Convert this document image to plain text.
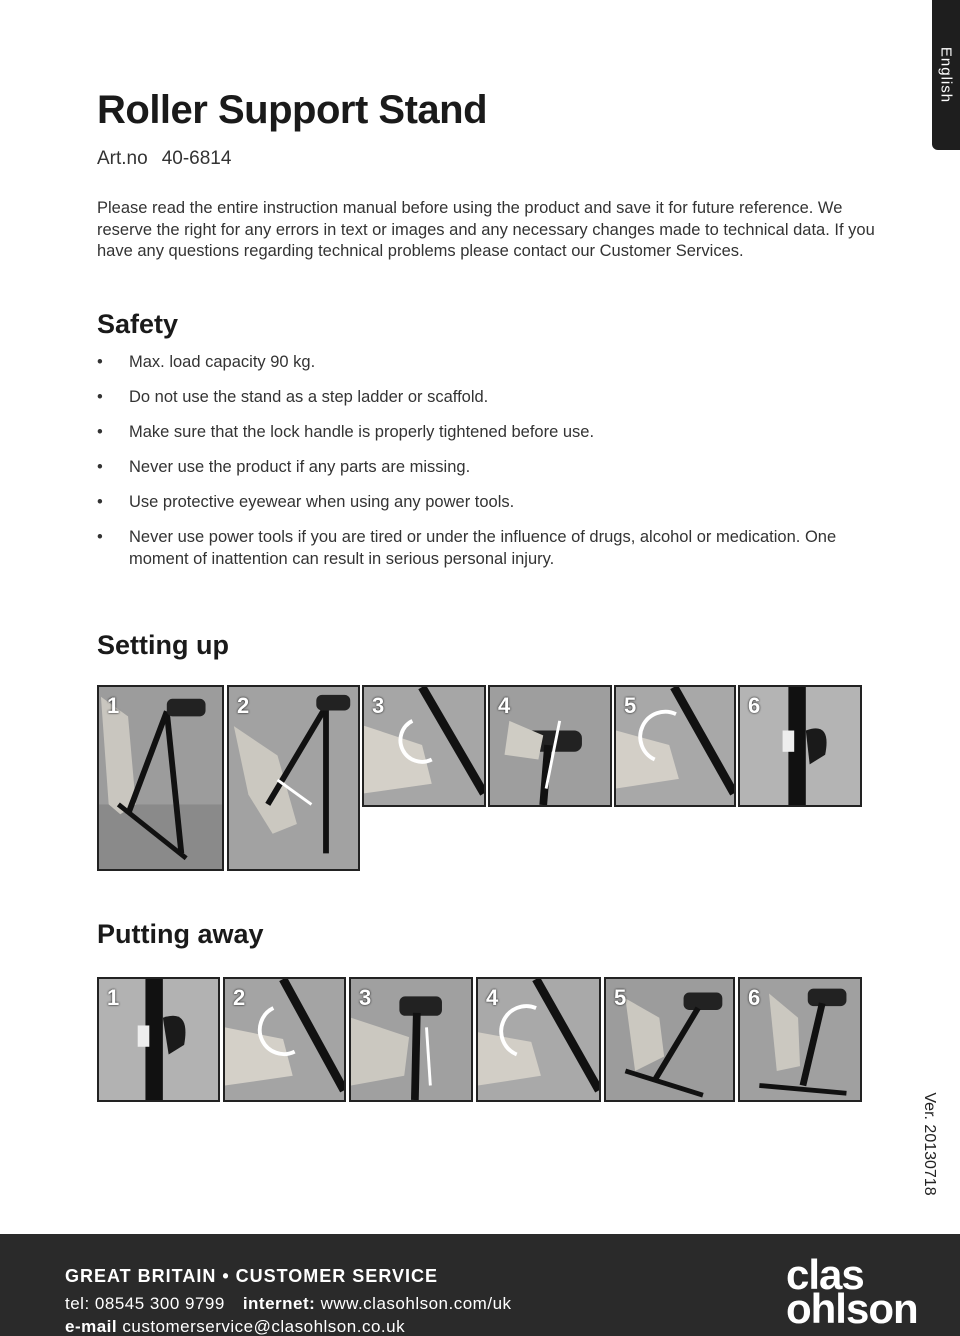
English
Roller Support Stand
Art.no 40-6814

Please read the entire instruction manual before using the product and save it for future reference. We reserve the right for any errors in text or images and any necessary changes made to technical data. If you have any questions regarding technical problems please contact our Customer Services.

Safety
• Max. load capacity 90 kg.
• Do not use the stand as a step ladder or scaffold.
• Make sure that the lock handle is properly tightened before use.
• Never use the product if any parts are missing.
• Use protective eyewear when using any power tools.
• Never use power tools if you are tired or under the influence of drugs, alcohol or medication. One moment of inattention can result in serious personal injury.
Setting up
1	2	3	4	5	6
Putting away
1	2	3	4	5	6
Ver. 20130718
GREAT BRITAIN • CUSTOMER SERVICE
tel: 08545 300 9799 internet: www.clasohlson.com/uk
e-mail customerservice@clasohlson.co.uk
clas
ohlson
